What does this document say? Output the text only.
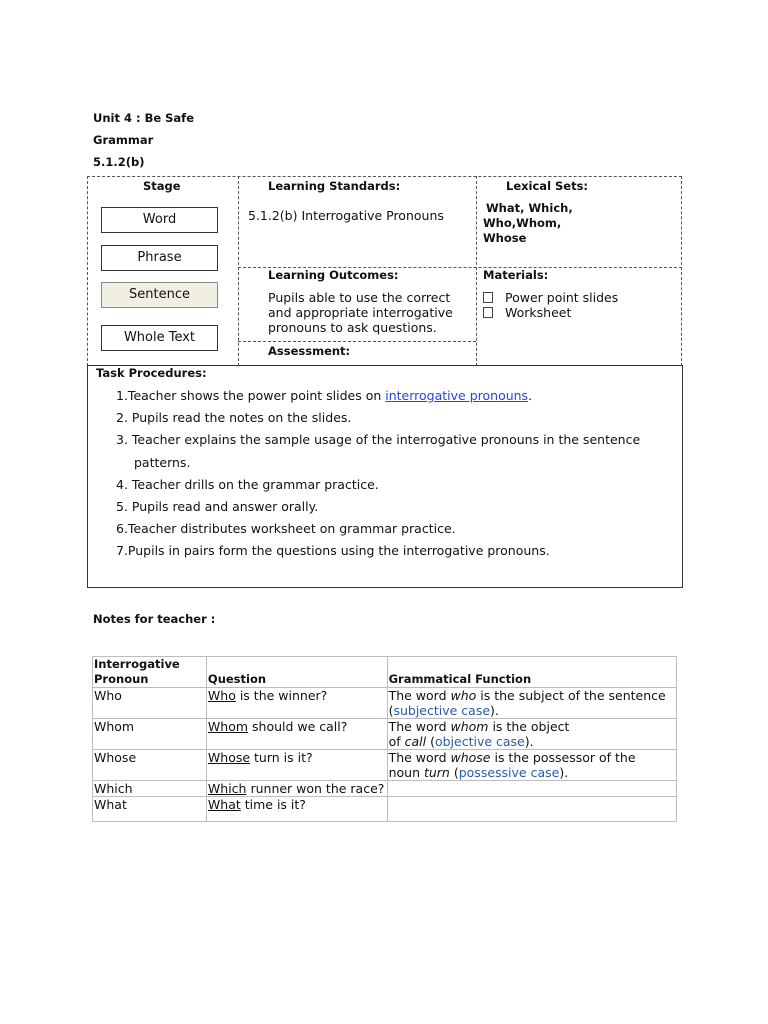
Unit 4 : Be Safe
Grammar
5.1.2(b)
Stage
Word
Phrase
Sentence
Whole Text
Learning Standards:
5.1.2(b) Interrogative Pronouns
Lexical Sets:
What, Which,
Who,Whom,
Whose
Learning Outcomes:
Pupils able to use the correct
and appropriate interrogative
pronouns to ask questions.
Materials:
Power point slides
Worksheet
Assessment:
Task Procedures:
1.Teacher shows the power point slides on interrogative pronouns.
2. Pupils read the notes on the slides.
3. Teacher explains the sample usage of the interrogative pronouns in the sentence
patterns.
4. Teacher drills on the grammar practice.
5. Pupils read and answer orally.
6.Teacher distributes worksheet on grammar practice.
7.Pupils in pairs form the questions using the interrogative pronouns.
Notes for teacher :
Interrogative
Pronoun	Question	Grammatical Function
Who	Who is the winner?	The word who is the subject of the sentence
(subjective case).
Whom	Whom should we call?	The word whom is the object
of call (objective case).
Whose	Whose turn is it?	The word whose is the possessor of the
noun turn (possessive case).
Which	Which runner won the race?	
What	What time is it?	
